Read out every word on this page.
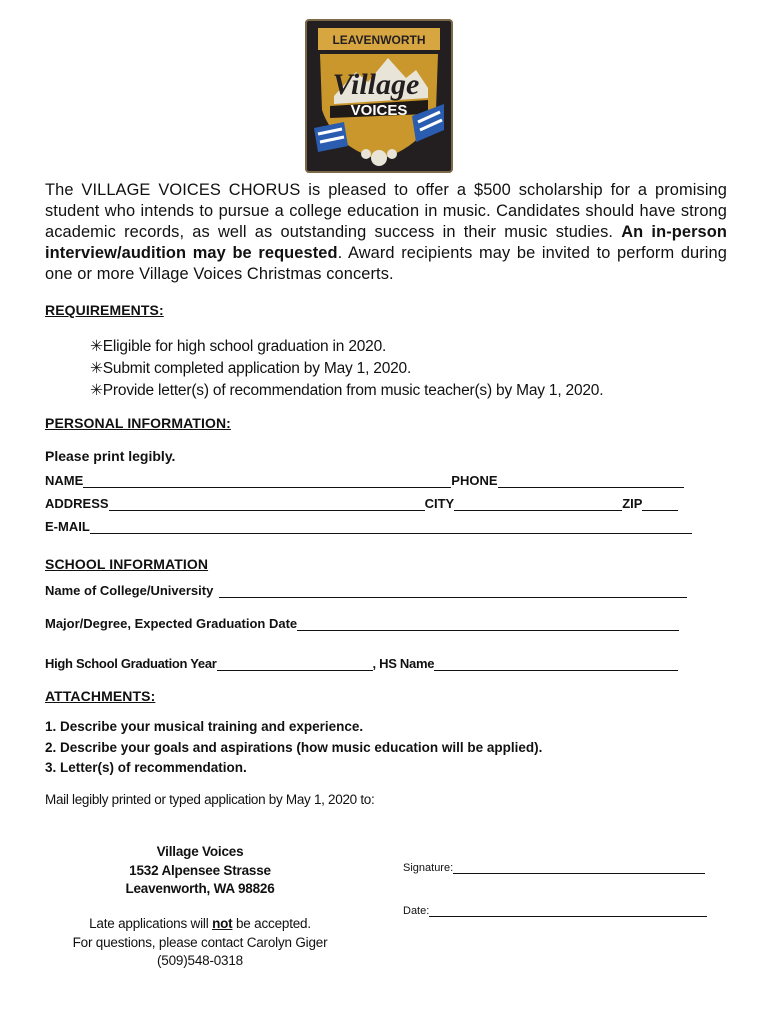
LEAVENWORTH
Village
VOICES
The VILLAGE VOICES CHORUS is pleased to offer a $500 scholarship for a promising student who intends to pursue a college education in music. Candidates should have strong academic records, as well as outstanding success in their music studies. An in-person interview/audition may be requested. Award recipients may be invited to perform during one or more Village Voices Christmas concerts.
REQUIREMENTS:
✳Eligible for high school graduation in 2020.
✳Submit completed application by May 1, 2020.
✳Provide letter(s) of recommendation from music teacher(s) by May 1, 2020.
PERSONAL INFORMATION:
Please print legibly.
NAME	PHONE
ADDRESS	CITY	ZIP
E-MAIL
SCHOOL INFORMATION
Name of College/University
Major/Degree, Expected Graduation Date
High School Graduation Year	, HS Name
ATTACHMENTS:
1. Describe your musical training and experience.
2. Describe your goals and aspirations (how music education will be applied).
3. Letter(s) of recommendation.
Mail legibly printed or typed application by May 1, 2020 to:
Village Voices
1532 Alpensee Strasse
Leavenworth, WA 98826
Late applications will not be accepted.
For questions, please contact Carolyn Giger
(509)548-0318
Signature:
Date:
